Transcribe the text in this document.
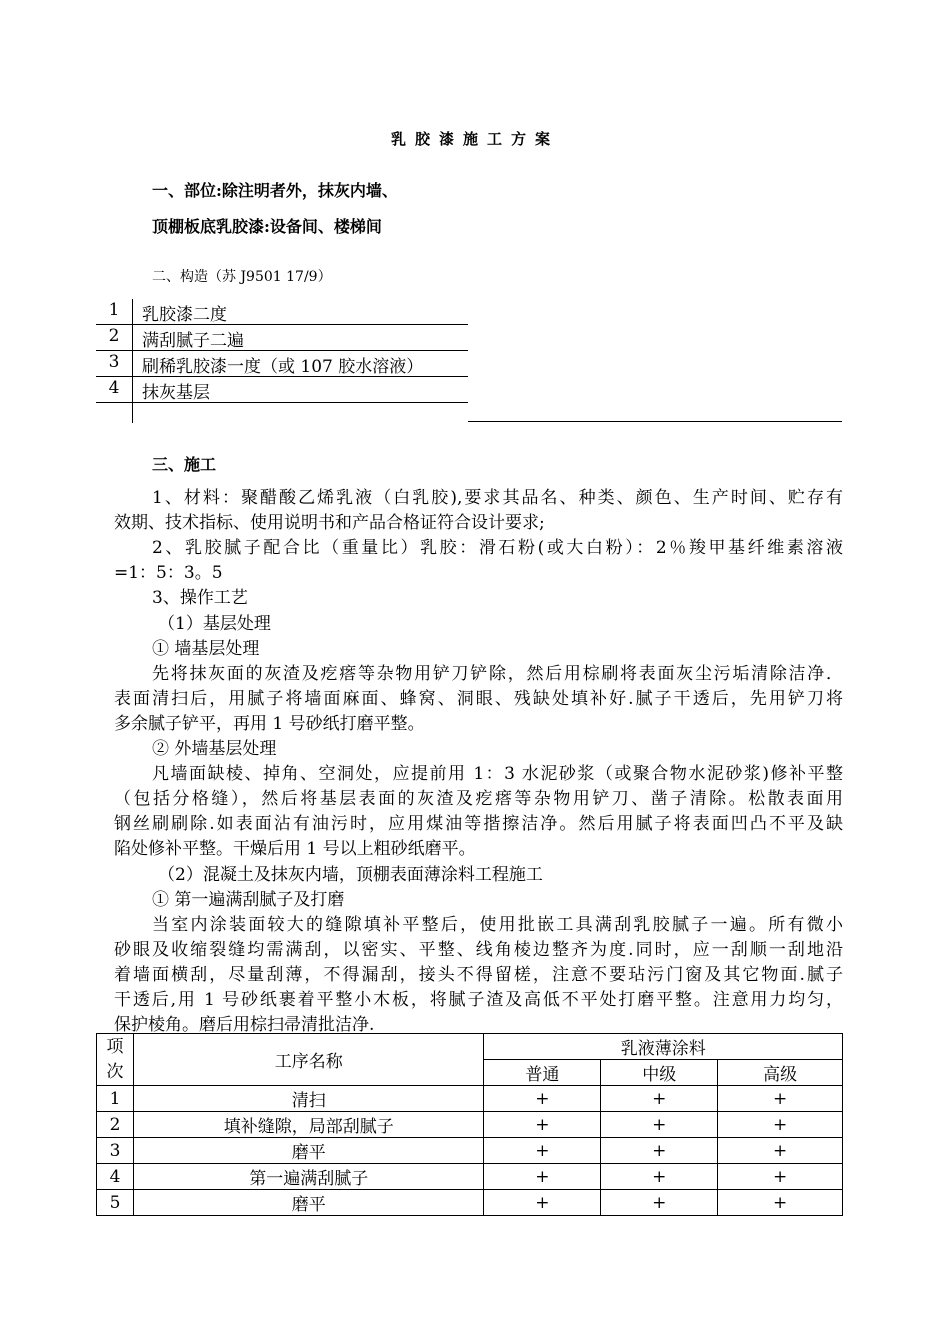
乳胶漆施工方案
一、部位:除注明者外，抹灰内墙、
顶棚板底乳胶漆:设备间、楼梯间
二、构造（苏 J9501 17/9）
1	乳胶漆二度
2	满刮腻子二遍
3	刷稀乳胶漆一度（或 107 胶水溶液）
4	抹灰基层
三、施工
1、材料：聚醋酸乙烯乳液（白乳胶),要求其品名、种类、颜色、生产时间、贮存有
效期、技术指标、使用说明书和产品合格证符合设计要求;
2、乳胶腻子配合比（重量比）乳胶：滑石粉(或大白粉）：2％羧甲基纤维素溶液
=1：5：3。5
3、操作工艺
（1）基层处理
① 墙基层处理
先将抹灰面的灰渣及疙瘩等杂物用铲刀铲除，然后用棕刷将表面灰尘污垢清除洁净．
表面清扫后，用腻子将墙面麻面、蜂窝、洞眼、残缺处填补好.腻子干透后，先用铲刀将
多余腻子铲平，再用 1 号砂纸打磨平整。
② 外墙基层处理
凡墙面缺棱、掉角、空洞处，应提前用 1：3 水泥砂浆（或聚合物水泥砂浆)修补平整
（包括分格缝），然后将基层表面的灰渣及疙瘩等杂物用铲刀、凿子清除。松散表面用
钢丝刷刷除.如表面沾有油污时，应用煤油等揩擦洁净。然后用腻子将表面凹凸不平及缺
陷处修补平整。干燥后用 1 号以上粗砂纸磨平。
（2）混凝土及抹灰内墙，顶棚表面薄涂料工程施工
① 第一遍满刮腻子及打磨
当室内涂装面较大的缝隙填补平整后，使用批嵌工具满刮乳胶腻子一遍。所有微小
砂眼及收缩裂缝均需满刮，以密实、平整、线角棱边整齐为度.同时，应一刮顺一刮地沿
着墙面横刮，尽量刮薄，不得漏刮，接头不得留槎，注意不要玷污门窗及其它物面.腻子
干透后,用 1 号砂纸裹着平整小木板，将腻子渣及高低不平处打磨平整。注意用力均匀，
保护棱角。磨后用棕扫帚清批洁净.
项
次	工序名称	乳液薄涂料		
		普通	中级	高级
1	清扫	+	+	+
2	填补缝隙，局部刮腻子	+	+	+
3	磨平	+	+	+
4	第一遍满刮腻子	+	+	+
5	磨平	+	+	+
